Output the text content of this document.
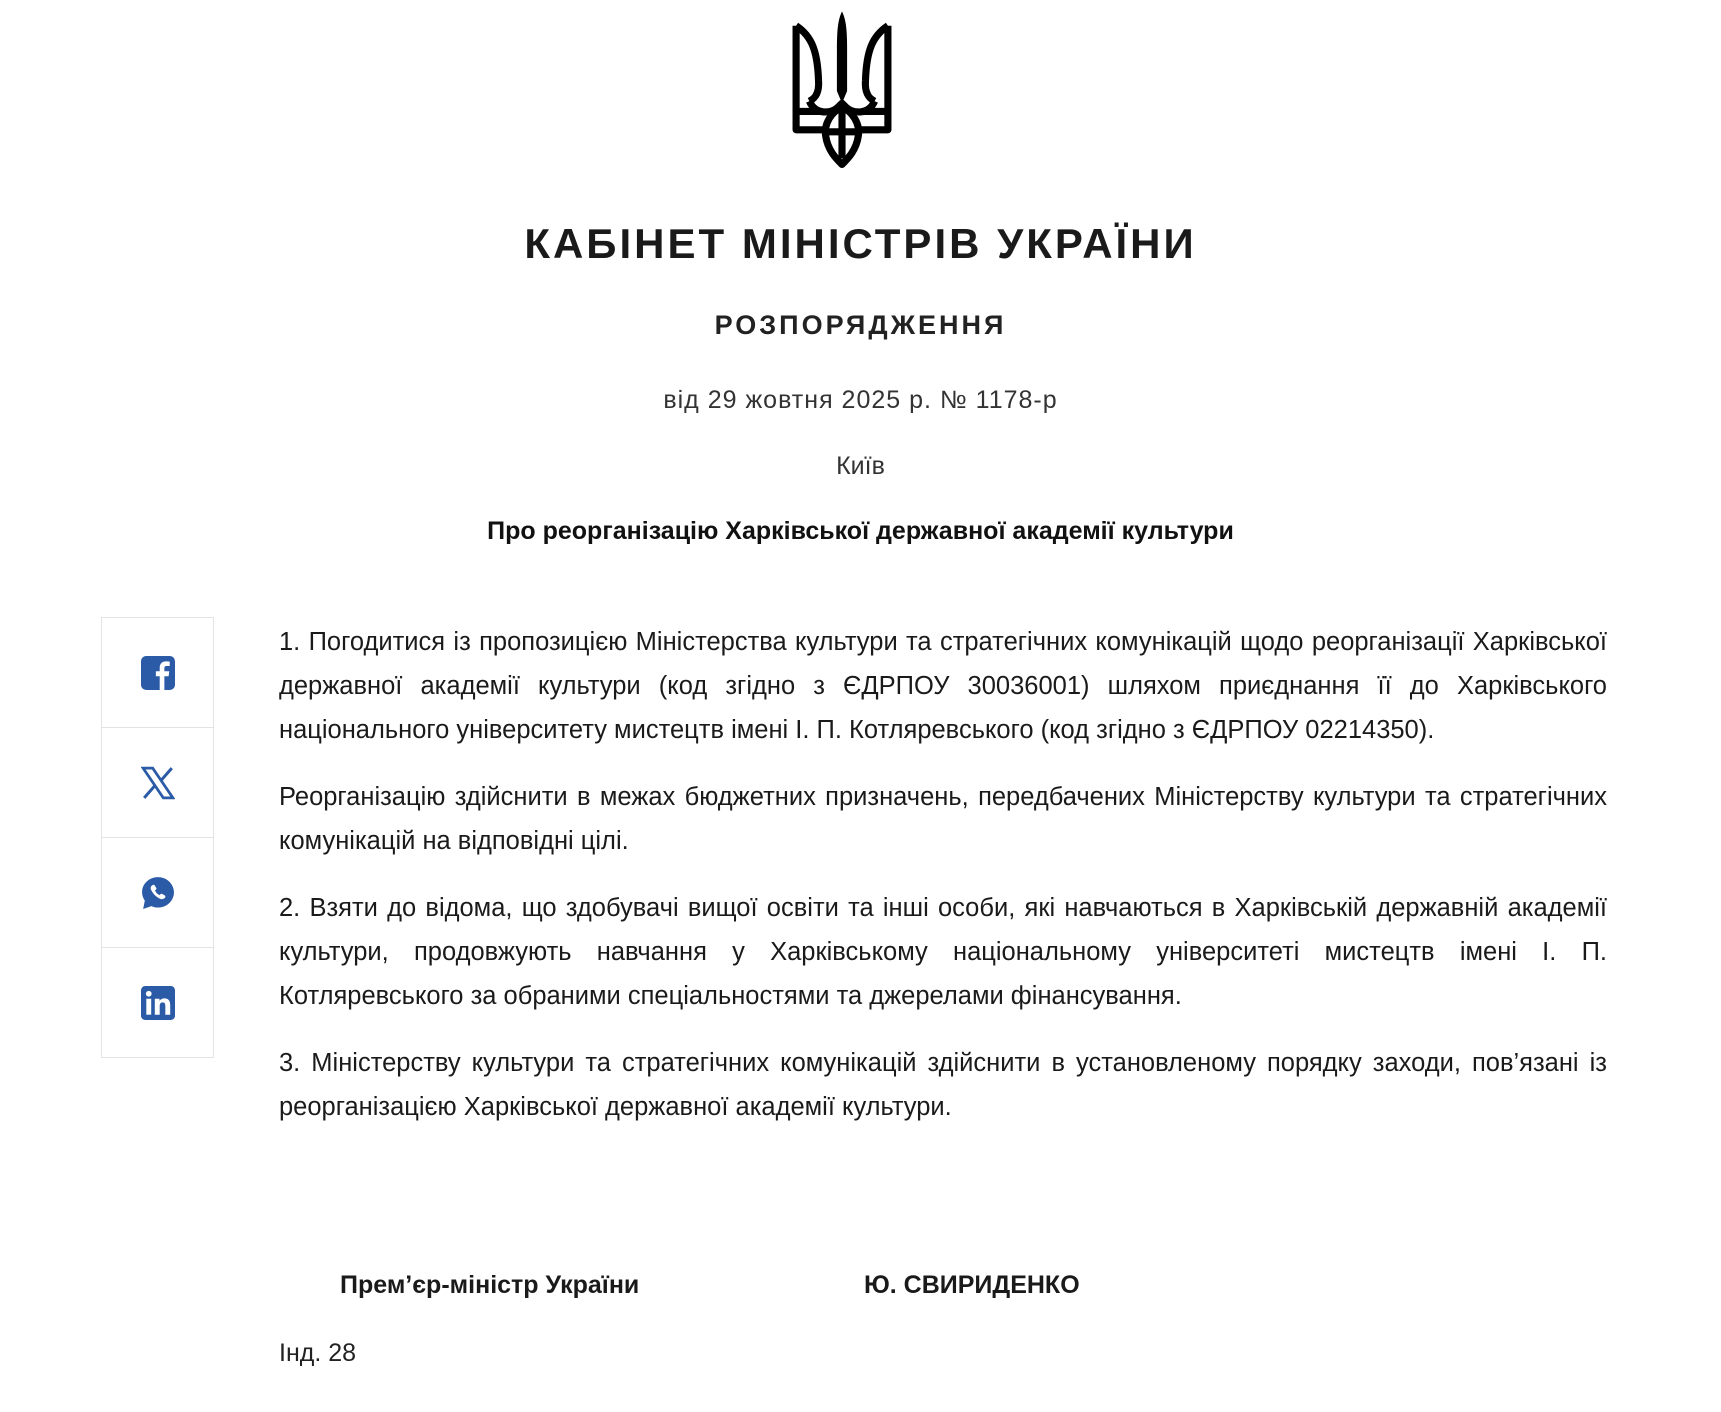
КАБІНЕТ МІНІСТРІВ УКРАЇНИ
РОЗПОРЯДЖЕННЯ
від 29 жовтня 2025 р. № 1178-р
Київ
Про реорганізацію Харківської державної академії культури

1. Погодитися із пропозицією Міністерства культури та стратегічних комунікацій щодо реорганізації Харківської державної академії культури (код згідно з ЄДРПОУ 30036001) шляхом приєднання її до Харківського національного університету мистецтв імені І. П. Котляревського (код згідно з ЄДРПОУ 02214350).

Реорганізацію здійснити в межах бюджетних призначень, передбачених Міністерству культури та стратегічних комунікацій на відповідні цілі.

2. Взяти до відома, що здобувачі вищої освіти та інші особи, які навчаються в Харківській державній академії культури, продовжують навчання у Харківському національному університеті мистецтв імені І. П. Котляревського за обраними спеціальностями та джерелами фінансування.

3. Міністерству культури та стратегічних комунікацій здійснити в установленому порядку заходи, пов’язані із реорганізацією Харківської державної академії культури.

Прем’єр-міністр України	Ю. СВИРИДЕНКО
Інд. 28
